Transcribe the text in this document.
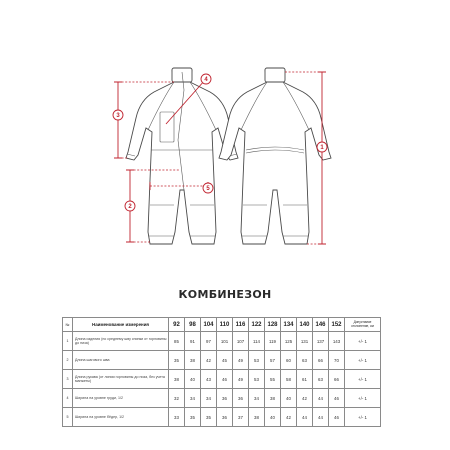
1
2
3
4
5
КОМБИНЕЗОН
№	Наименование измерения	92	98	104	110	116	122	128	134	140	146	152	Допустимое отклонение, см
1	Длина изделия (по среднему шву спинки от горловины до низа)	85	91	97	101	107	114	119	125	131	137	143	+/- 1
2	Длина шагового шва	35	38	42	45	49	53	57	60	63	66	70	+/- 1
3	Длина рукава (от линии горловины до низа, без учета манжеты)	38	40	43	46	49	53	55	58	61	63	66	+/- 1
4	Ширина на уровне груди, 1/2	32	34	34	36	36	34	38	40	42	44	46	+/- 1
5	Ширина на уровне бёдер, 1/2	33	35	35	36	37	38	40	42	44	44	46	+/- 1
